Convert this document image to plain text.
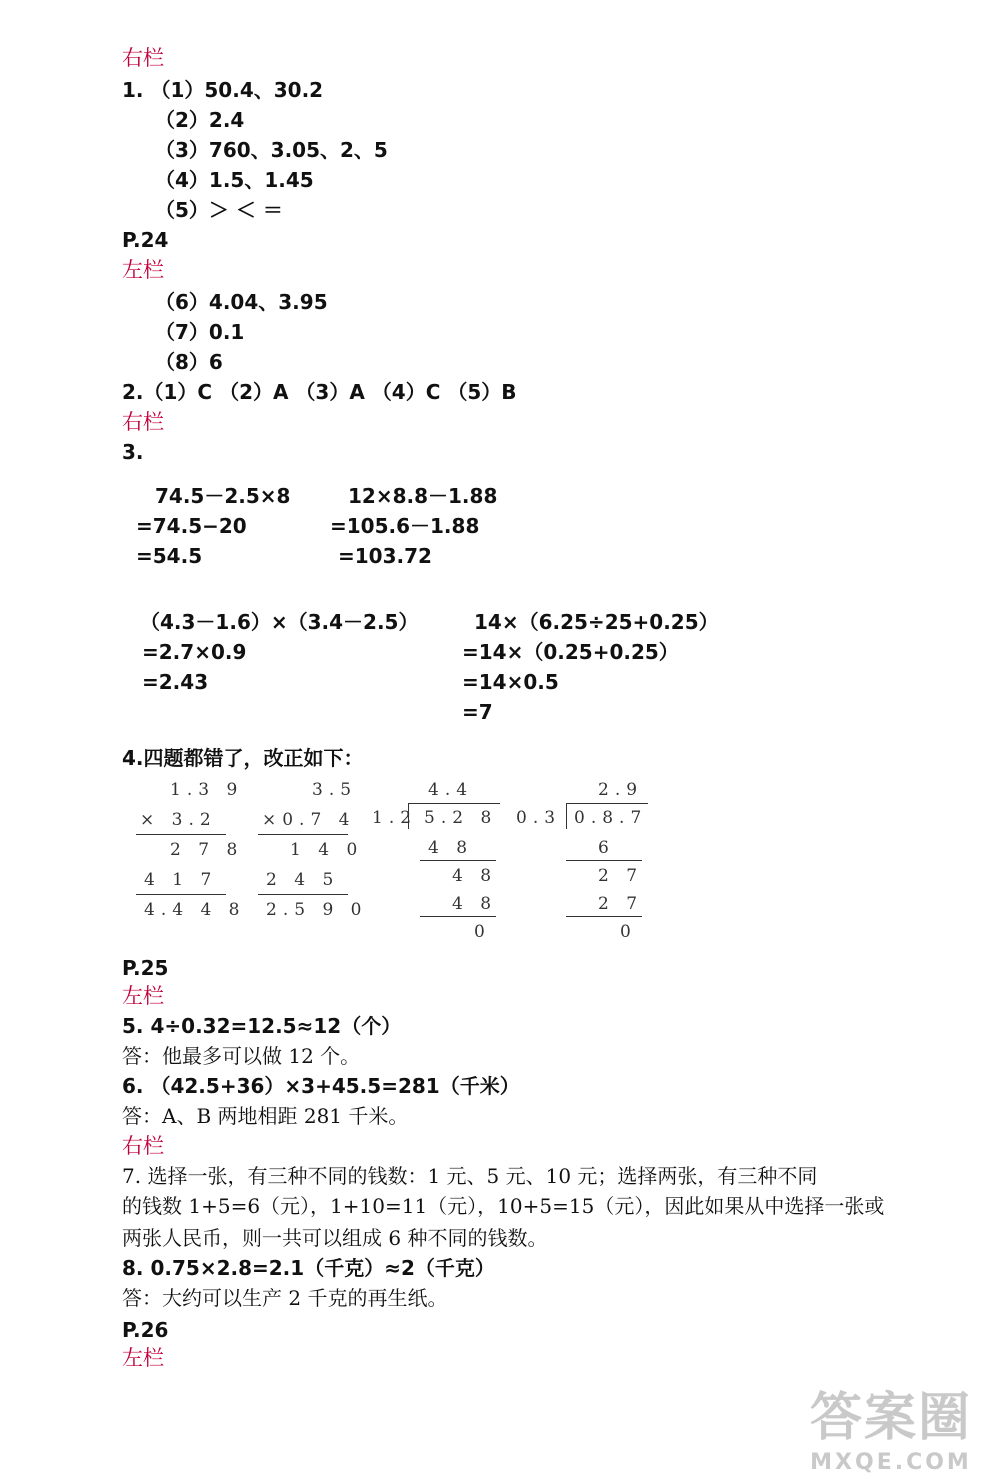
右栏
1. （1）50.4、30.2
（2）2.4
（3）760、3.05、2、5
（4）1.5、1.45
（5）＞ ＜ ＝
P.24
左栏
（6）4.04、3.95
（7）0.1
（8）6
2.（1）C （2）A （3）A （4）C （5）B
右栏
3.
74.5－2.5×8
=74.5−20
=54.5
12×8.8－1.88
=105.6－1.88
=103.72
（4.3－1.6）×（3.4－2.5）
=2.7×0.9
=2.43
14×（6.25÷25+0.25）
=14×（0.25+0.25）
=14×0.5
=7
4.四题都错了，改正如下：
1.3 9
× 3.2
2 7 8
4 1 7
4.4 4 8
3.5
×0.7 4
1 4 0
2 4 5
2.5 9 0
4.4
1.2 5.2 8
4 8
4 8
4 8
0
2.9
0.3 0.8.7
6
2 7
2 7
0
P.25
左栏
5. 4÷0.32=12.5≈12（个）
答：他最多可以做 12 个。
6. （42.5+36）×3+45.5=281（千米）
答：A、B 两地相距 281 千米。
右栏
7. 选择一张，有三种不同的钱数：1 元、5 元、10 元；选择两张，有三种不同
的钱数 1+5=6（元），1+10=11（元），10+5=15（元），因此如果从中选择一张或
两张人民币，则一共可以组成 6 种不同的钱数。
8. 0.75×2.8=2.1（千克）≈2（千克）
答：大约可以生产 2 千克的再生纸。
P.26
左栏
答案圈
MXQE.COM
